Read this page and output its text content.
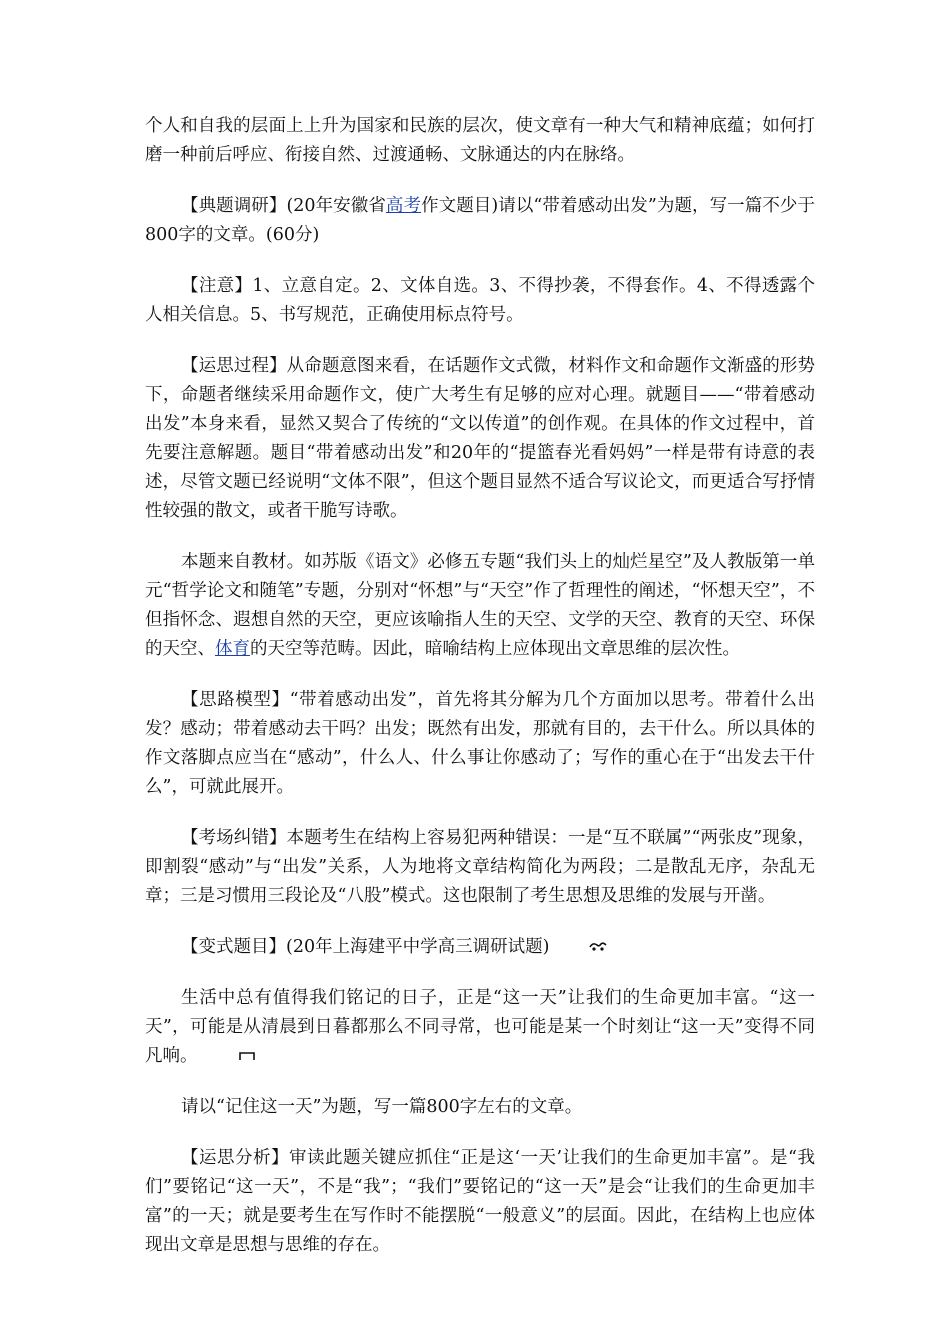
个人和自我的层面上上升为国家和民族的层次，使文章有一种大气和精神底蕴；如何打磨一种前后呼应、衔接自然、过渡通畅、文脉通达的内在脉络。

【典题调研】(20年安徽省高考作文题目)请以“带着感动出发”为题，写一篇不少于800字的文章。(60分)

【注意】1、立意自定。2、文体自选。3、不得抄袭，不得套作。4、不得透露个人相关信息。5、书写规范，正确使用标点符号。

【运思过程】从命题意图来看，在话题作文式微，材料作文和命题作文渐盛的形势下，命题者继续采用命题作文，使广大考生有足够的应对心理。就题目——“带着感动出发”本身来看，显然又契合了传统的“文以传道”的创作观。在具体的作文过程中，首先要注意解题。题目“带着感动出发”和20年的“提篮春光看妈妈”一样是带有诗意的表述，尽管文题已经说明“文体不限”，但这个题目显然不适合写议论文，而更适合写抒情性较强的散文，或者干脆写诗歌。

本题来自教材。如苏版《语文》必修五专题“我们头上的灿烂星空”及人教版第一单元“哲学论文和随笔”专题，分别对“怀想”与“天空”作了哲理性的阐述，“怀想天空”，不但指怀念、遐想自然的天空，更应该喻指人生的天空、文学的天空、教育的天空、环保的天空、体育的天空等范畴。因此，暗喻结构上应体现出文章思维的层次性。

【思路模型】“带着感动出发”，首先将其分解为几个方面加以思考。带着什么出发？感动；带着感动去干吗？出发；既然有出发，那就有目的，去干什么。所以具体的作文落脚点应当在“感动”，什么人、什么事让你感动了；写作的重心在于“出发去干什么”，可就此展开。

【考场纠错】本题考生在结构上容易犯两种错误：一是“互不联属”“两张皮”现象，即割裂“感动”与“出发”关系，人为地将文章结构简化为两段；二是散乱无序，杂乱无章；三是习惯用三段论及“八股”模式。这也限制了考生思想及思维的发展与开凿。

【变式题目】(20年上海建平中学高三调研试题)

生活中总有值得我们铭记的日子，正是“这一天”让我们的生命更加丰富。“这一天”，可能是从清晨到日暮都那么不同寻常，也可能是某一个时刻让“这一天”变得不同凡响。

请以“记住这一天”为题，写一篇800字左右的文章。

【运思分析】审读此题关键应抓住“正是这‘一天’让我们的生命更加丰富”。是“我们”要铭记“这一天”，不是“我”；“我们”要铭记的“这一天”是会“让我们的生命更加丰富”的一天；就是要考生在写作时不能摆脱“一般意义”的层面。因此，在结构上也应体现出文章是思想与思维的存在。
